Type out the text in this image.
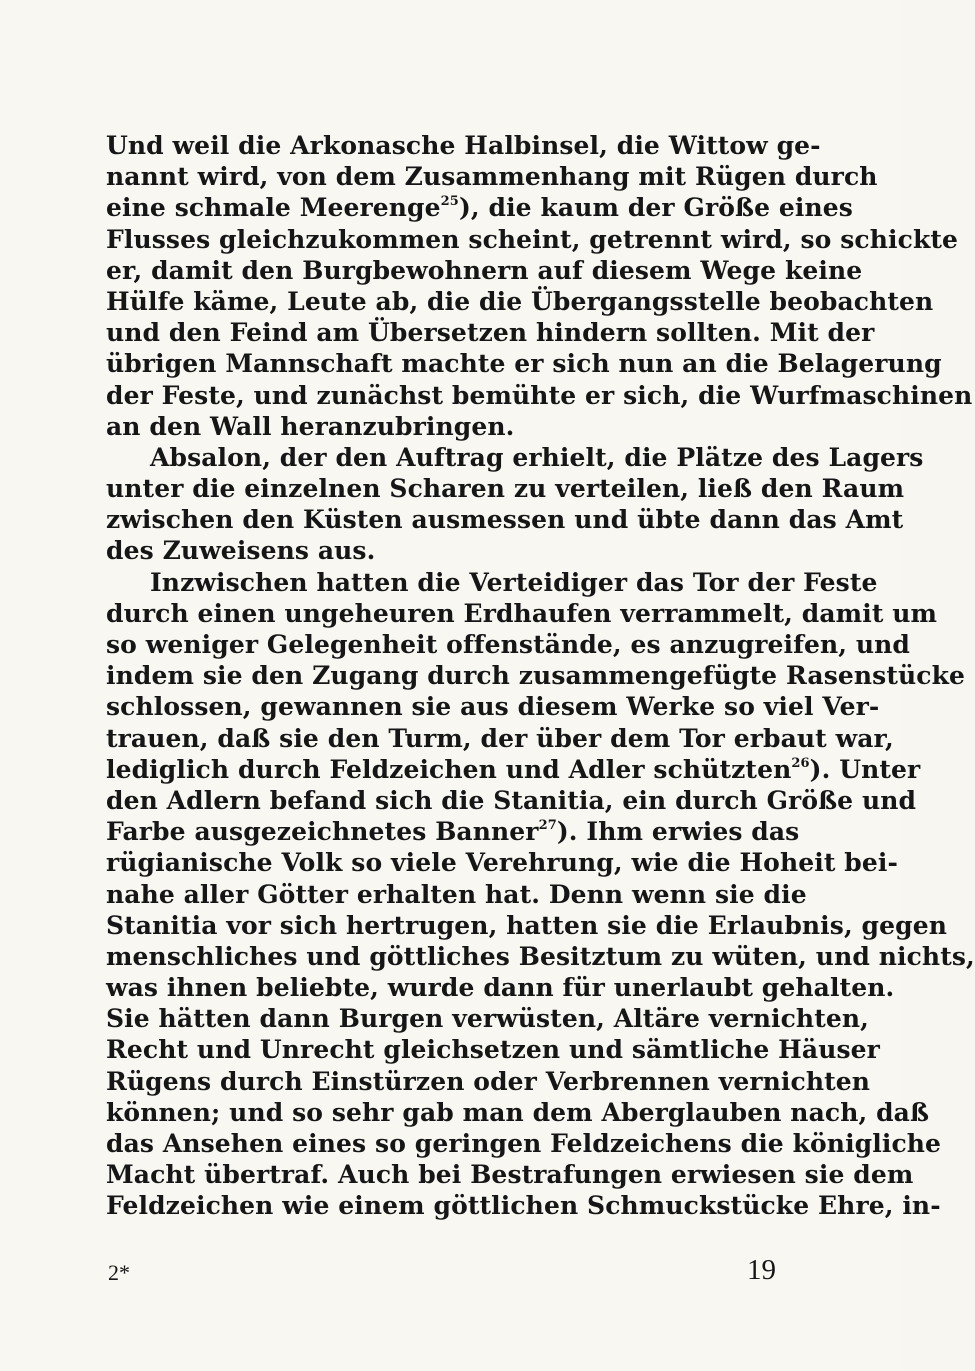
Und weil die Arkonasche Halbinsel, die Wittow ge-
nannt wird, von dem Zusammenhang mit Rügen durch
eine schmale Meerenge$^{25}$), die kaum der Größe eines
Flusses gleichzukommen scheint, getrennt wird, so schickte
er, damit den Burgbewohnern auf diesem Wege keine
Hülfe käme, Leute ab, die die Übergangsstelle beobachten
und den Feind am Übersetzen hindern sollten. Mit der
übrigen Mannschaft machte er sich nun an die Belagerung
der Feste, und zunächst bemühte er sich, die Wurfmaschinen
an den Wall heranzubringen.
Absalon, der den Auftrag erhielt, die Plätze des Lagers
unter die einzelnen Scharen zu verteilen, ließ den Raum
zwischen den Küsten ausmessen und übte dann das Amt
des Zuweisens aus.
Inzwischen hatten die Verteidiger das Tor der Feste
durch einen ungeheuren Erdhaufen verrammelt, damit um
so weniger Gelegenheit offenstände, es anzugreifen, und
indem sie den Zugang durch zusammengefügte Rasenstücke
schlossen, gewannen sie aus diesem Werke so viel Ver-
trauen, daß sie den Turm, der über dem Tor erbaut war,
lediglich durch Feldzeichen und Adler schützten$^{26}$). Unter
den Adlern befand sich die Stanitia, ein durch Größe und
Farbe ausgezeichnetes Banner$^{27}$). Ihm erwies das
rügianische Volk so viele Verehrung, wie die Hoheit bei-
nahe aller Götter erhalten hat. Denn wenn sie die
Stanitia vor sich hertrugen, hatten sie die Erlaubnis, gegen
menschliches und göttliches Besitztum zu wüten, und nichts,
was ihnen beliebte, wurde dann für unerlaubt gehalten.
Sie hätten dann Burgen verwüsten, Altäre vernichten,
Recht und Unrecht gleichsetzen und sämtliche Häuser
Rügens durch Einstürzen oder Verbrennen vernichten
können; und so sehr gab man dem Aberglauben nach, daß
das Ansehen eines so geringen Feldzeichens die königliche
Macht übertraf. Auch bei Bestrafungen erwiesen sie dem
Feldzeichen wie einem göttlichen Schmuckstücke Ehre, in-
2*	19
